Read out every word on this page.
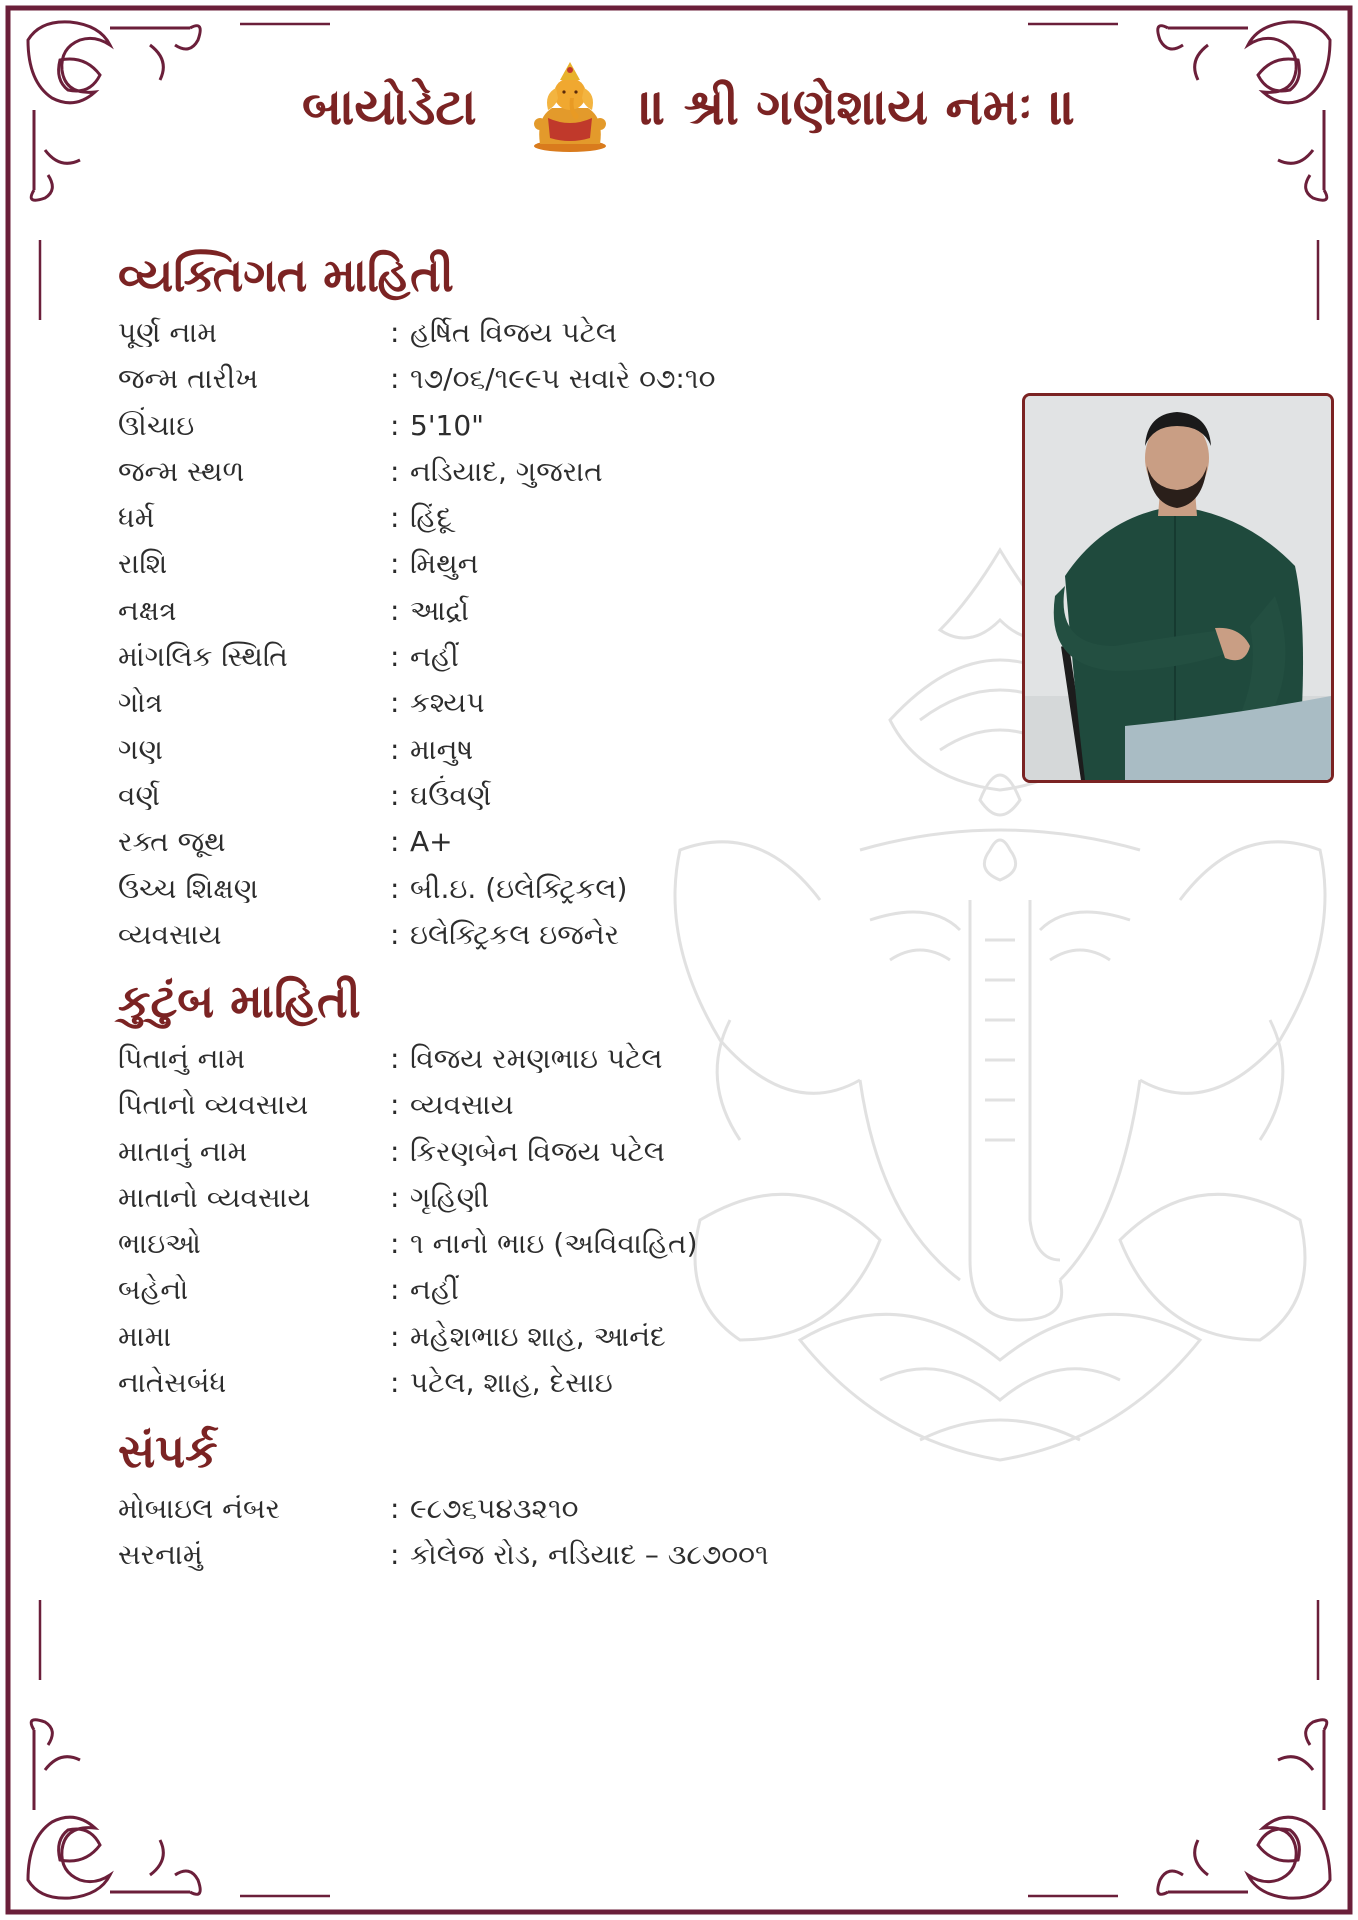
બાયોડેટા	॥ શ્રી ગણેશાય નમઃ ॥
વ્યક્તિગત માહિતી
પૂર્ણ નામ	: હર્ષિત વિજય પટેલ
જન્મ તારીખ	: ૧૭/૦૬/૧૯૯૫ સવારે ૦૭:૧૦
ઊંચાઇ	: 5'10"
જન્મ સ્થળ	: નડિયાદ, ગુજરાત
ધર્મ	: હિંદૂ
રાશિ	: મિથુન
નક્ષત્ર	: આર્દ્રા
માંગલિક સ્થિતિ	: નહીં
ગોત્ર	: કશ્યપ
ગણ	: માનુષ
વર્ણ	: ઘઉંવર્ણ
રક્ત જૂથ	: A+
ઉચ્ચ શિક્ષણ	: બી.ઇ. (ઇલેક્ટ્રિકલ)
વ્યવસાય	: ઇલેક્ટ્રિકલ ઇજનેર
કુટુંબ માહિતી
પિતાનું નામ	: વિજય રમણભાઇ પટેલ
પિતાનો વ્યવસાય	: વ્યવસાય
માતાનું નામ	: કિરણબેન વિજય પટેલ
માતાનો વ્યવસાય	: ગૃહિણી
ભાઇઓ	: ૧ નાનો ભાઇ (અવિવાહિત)
બહેનો	: નહીં
મામા	: મહેશભાઇ શાહ, આનંદ
નાતેસબંધ	: પટેલ, શાહ, દેસાઇ
સંપર્ક
મોબાઇલ નંબર	: ૯૮૭૬૫૪૩૨૧૦
સરનામું	: કોલેજ રોડ, નડિયાદ – ૩૮૭૦૦૧
